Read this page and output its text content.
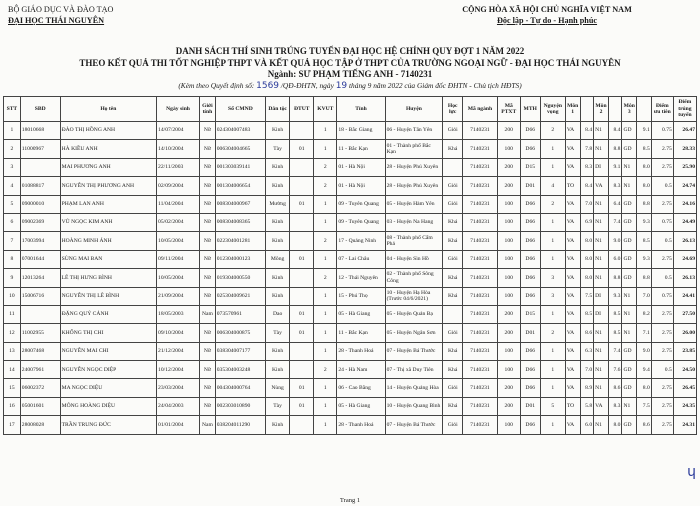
BỘ GIÁO DỤC VÀ ĐÀO TẠO
ĐẠI HỌC THÁI NGUYÊN
CỘNG HÒA XÃ HỘI CHỦ NGHĨA VIỆT NAM
Độc lập - Tự do - Hạnh phúc
DANH SÁCH THÍ SINH TRÚNG TUYỂN ĐẠI HỌC HỆ CHÍNH QUY ĐỢT 1 NĂM 2022
THEO KẾT QUẢ THI TỐT NGHIỆP THPT VÀ KẾT QUẢ HỌC TẬP Ở THPT CỦA TRƯỜNG NGOẠI NGỮ - ĐẠI HỌC THÁI NGUYÊN
Ngành: SƯ PHẠM TIẾNG ANH - 7140231
(Kèm theo Quyết định số: 1569 /QĐ-ĐHTN, ngày 19 tháng 9 năm 2022 của Giám đốc ĐHTN - Chủ tịch HĐTS)
STT	SBD	Họ tên	Ngày sinh	Giới tính	Số CMND	Dân tộc	ĐTUT	KVUT	Tỉnh	Huyện	Học lực	Mã ngành	Mã PTXT	MTH	Nguyện vọng	Môn 1		Môn 2		Môn 3		Điểm ưu tiên	Điểm trúng tuyển
1	18010668	ĐÀO THỊ HỒNG ANH	14/07/2004	Nữ	024304007483	Kinh		1	18 - Bắc Giang	06 - Huyện Tân Yên	Giỏi	7140231	200	D66	2	VA	8.4	N1	8.4	GD	9.1	0.75	26.47
2	11000967	HÀ KIỀU ANH	14/10/2004	Nữ	006304004665	Tày	01	1	11 - Bắc Kạn	01 - Thành phố Bắc Kạn	Khá	7140231	100	D66	1	VA	7.8	N1	8.8	GD	8.5	2.75	28.33
3		MAI PHƯƠNG ANH	22/11/2003	Nữ	001303039141	Kinh		2	01 - Hà Nội	28 - Huyện Phú Xuyên		7140231	200	D15	1	VA	8.3	DI	9.1	N1	8.0	2.75	25.90
4	01088817	NGUYỄN THỊ PHƯƠNG ANH	02/09/2004	Nữ	001304006654	Kinh		2	01 - Hà Nội	28 - Huyện Phú Xuyên	Giỏi	7140231	200	D01	4	TO	8.4	VA	8.3	N1	8.0	0.5	24.74
5	09000010	PHẠM LAN ANH	11/04/2004	Nữ	008304000967	Mường	01	1	09 - Tuyên Quang	05 - Huyện Hàm Yên	Giỏi	7140231	100	D66	2	VA	7.0	N1	6.4	GD	8.8	2.75	24.16
6	09002369	VŨ NGỌC KIM ANH	05/02/2004	Nữ	008304008365	Kinh		1	09 - Tuyên Quang	03 - Huyện Na Hang	Khá	7140231	100	D66	1	VA	6.9	N1	7.4	GD	9.3	0.75	24.49
7	17003994	HOÀNG MINH ÁNH	10/05/2004	Nữ	022304001281	Kinh		2	17 - Quảng Ninh	08 - Thành phố Cẩm Phả	Khá	7140231	100	D66	1	VA	8.0	N1	9.0	GD	8.5	0.5	26.13
8	07001644	SÙNG MAI BAN	09/11/2004	Nữ	012304000123	Mông	01	1	07 - Lai Châu	04 - Huyện Sìn Hồ	Giỏi	7140231	100	D66	1	VA	8.0	N1	6.0	GD	9.3	2.75	24.69
9	12013264	LÊ THỊ HƯNG BÌNH	10/05/2004	Nữ	019304000550	Kinh		2	12 - Thái Nguyên	02 - Thành phố Sông Công	Khá	7140231	100	D66	3	VA	8.0	N1	8.8	GD	8.8	0.5	26.13
10	15006716	NGUYỄN THỊ LÊ BÌNH	21/09/2004	Nữ	025304009621	Kinh		1	15 - Phú Thọ	10 - Huyện Hạ Hòa (Trước 04/6/2021)	Khá	7140231	100	D66	3	VA	7.5	DI	9.3	N1	7.0	0.75	24.41
11		ĐẶNG QUÝ CẢNH	18/05/2003	Nam	073570961	Dao	01	1	05 - Hà Giang	05 - Huyện Quản Bạ		7140231	200	D15	1	VA	8.5	DI	8.5	N1	8.2	2.75	27.50
12	11002955	KHỔNG THỊ CHI	09/10/2004	Nữ	006304000875	Tày	01	1	11 - Bắc Kạn	05 - Huyện Ngân Sơn	Giỏi	7140231	200	D01	2	VA	8.6	N1	8.5	N1	7.1	2.75	26.00
13	28007468	NGUYỄN MAI CHI	21/12/2004	Nữ	038304007177	Kinh		1	28 - Thanh Hoá	07 - Huyện Bá Thước	Khá	7140231	100	D66	1	VA	6.3	N1	7.4	GD	9.0	2.75	23.85
14	24007961	NGUYỄN NGỌC DIỆP	10/12/2004	Nữ	035304003248	Kinh		2	24 - Hà Nam	07 - Thị xã Duy Tiên	Khá	7140231	100	D66	1	VA	7.0	N1	7.6	GD	9.4	0.5	24.50
15	06002372	MA NGỌC DIỆU	23/03/2004	Nữ	004304000764	Nùng	01	1	06 - Cao Bằng	14 - Huyện Quảng Hòa	Giỏi	7140231	200	D66	1	VA	8.9	N1	8.6	GD	8.0	2.75	26.45
16	05001601	MÔNG HOÀNG DIỆU	24/04/2003	Nữ	002303010890	Tày	01	1	05 - Hà Giang	10 - Huyện Quang Bình	Khá	7140231	200	D01	5	TO	5.8	VA	8.3	N1	7.5	2.75	24.35
17	28008028	TRẦN TRUNG ĐỨC	01/01/2004	Nam	038204011290	Kinh		1	28 - Thanh Hoá	07 - Huyện Bá Thước	Giỏi	7140231	100	D66	1	VA	6.0	N1	8.0	GD	8.6	2.75	24.31
Trang 1
ɥ
